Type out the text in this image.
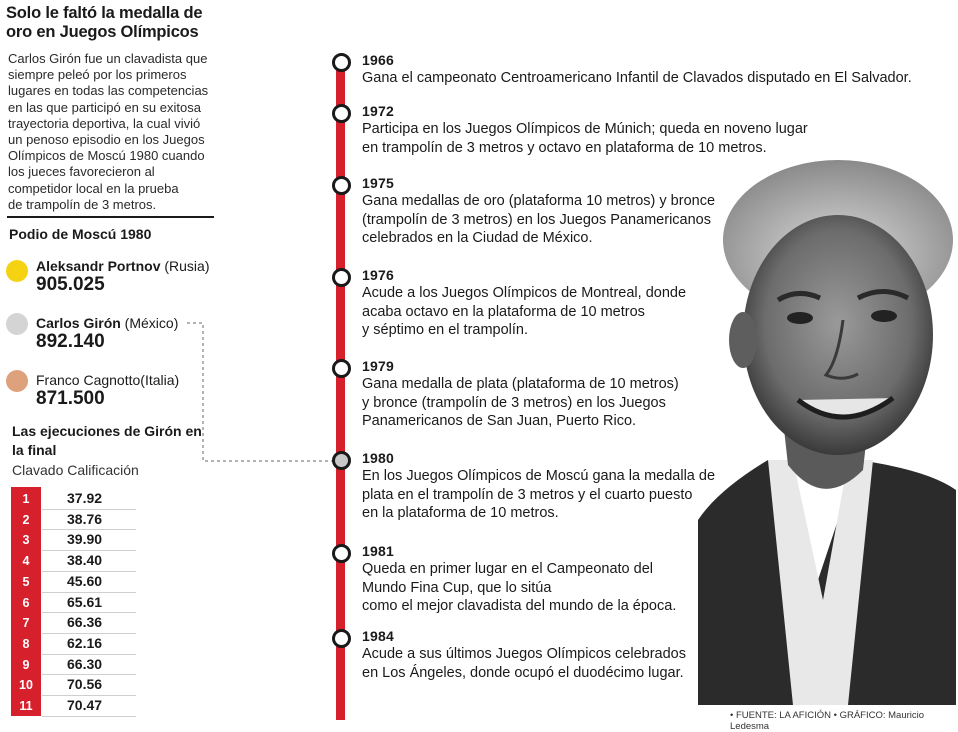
Solo le faltó la medalla de oro en Juegos Olímpicos
Carlos Girón fue un clavadista que
siempre peleó por los primeros
lugares en todas las competencias
en las que participó en su exitosa
trayectoria deportiva, la cual vivió
un penoso episodio en los Juegos
Olímpicos de Moscú 1980 cuando
los jueces favorecieron al
competidor local en la prueba
de trampolín de 3 metros.
Podio de Moscú 1980
Aleksandr Portnov (Rusia)
905.025
Carlos Girón (México)
892.140
Franco Cagnotto(Italia)
871.500
Las ejecuciones de Girón en la final
Clavado Calificación
1	37.92
2	38.76
3	39.90
4	38.40
5	45.60
6	65.61
7	66.36
8	62.16
9	66.30
10	70.56
11	70.47
1966
Gana el campeonato Centroamericano Infantil de Clavados disputado en El Salvador.
1972
Participa en los Juegos Olímpicos de Múnich; queda en noveno lugar
en trampolín de 3 metros y octavo en plataforma de 10 metros.
1975
Gana medallas de oro (plataforma 10 metros) y bronce
(trampolín de 3 metros) en los Juegos Panamericanos
celebrados en la Ciudad de México.
1976
Acude a los Juegos Olímpicos de Montreal, donde
acaba octavo en la plataforma de 10 metros
y séptimo en el trampolín.
1979
Gana medalla de plata (plataforma de 10 metros)
y bronce (trampolín de 3 metros) en los Juegos
Panamericanos de San Juan, Puerto Rico.
1980
En los Juegos Olímpicos de Moscú gana la medalla de
plata en el trampolín de 3 metros y el cuarto puesto
en la plataforma de 10 metros.
1981
Queda en primer lugar en el Campeonato del
Mundo Fina Cup, que lo sitúa
como el mejor clavadista del mundo de la época.
1984
Acude a sus últimos Juegos Olímpicos celebrados
en Los Ángeles, donde ocupó el duodécimo lugar.
• FUENTE: LA AFICIÓN • GRÁFICO: Mauricio Ledesma
